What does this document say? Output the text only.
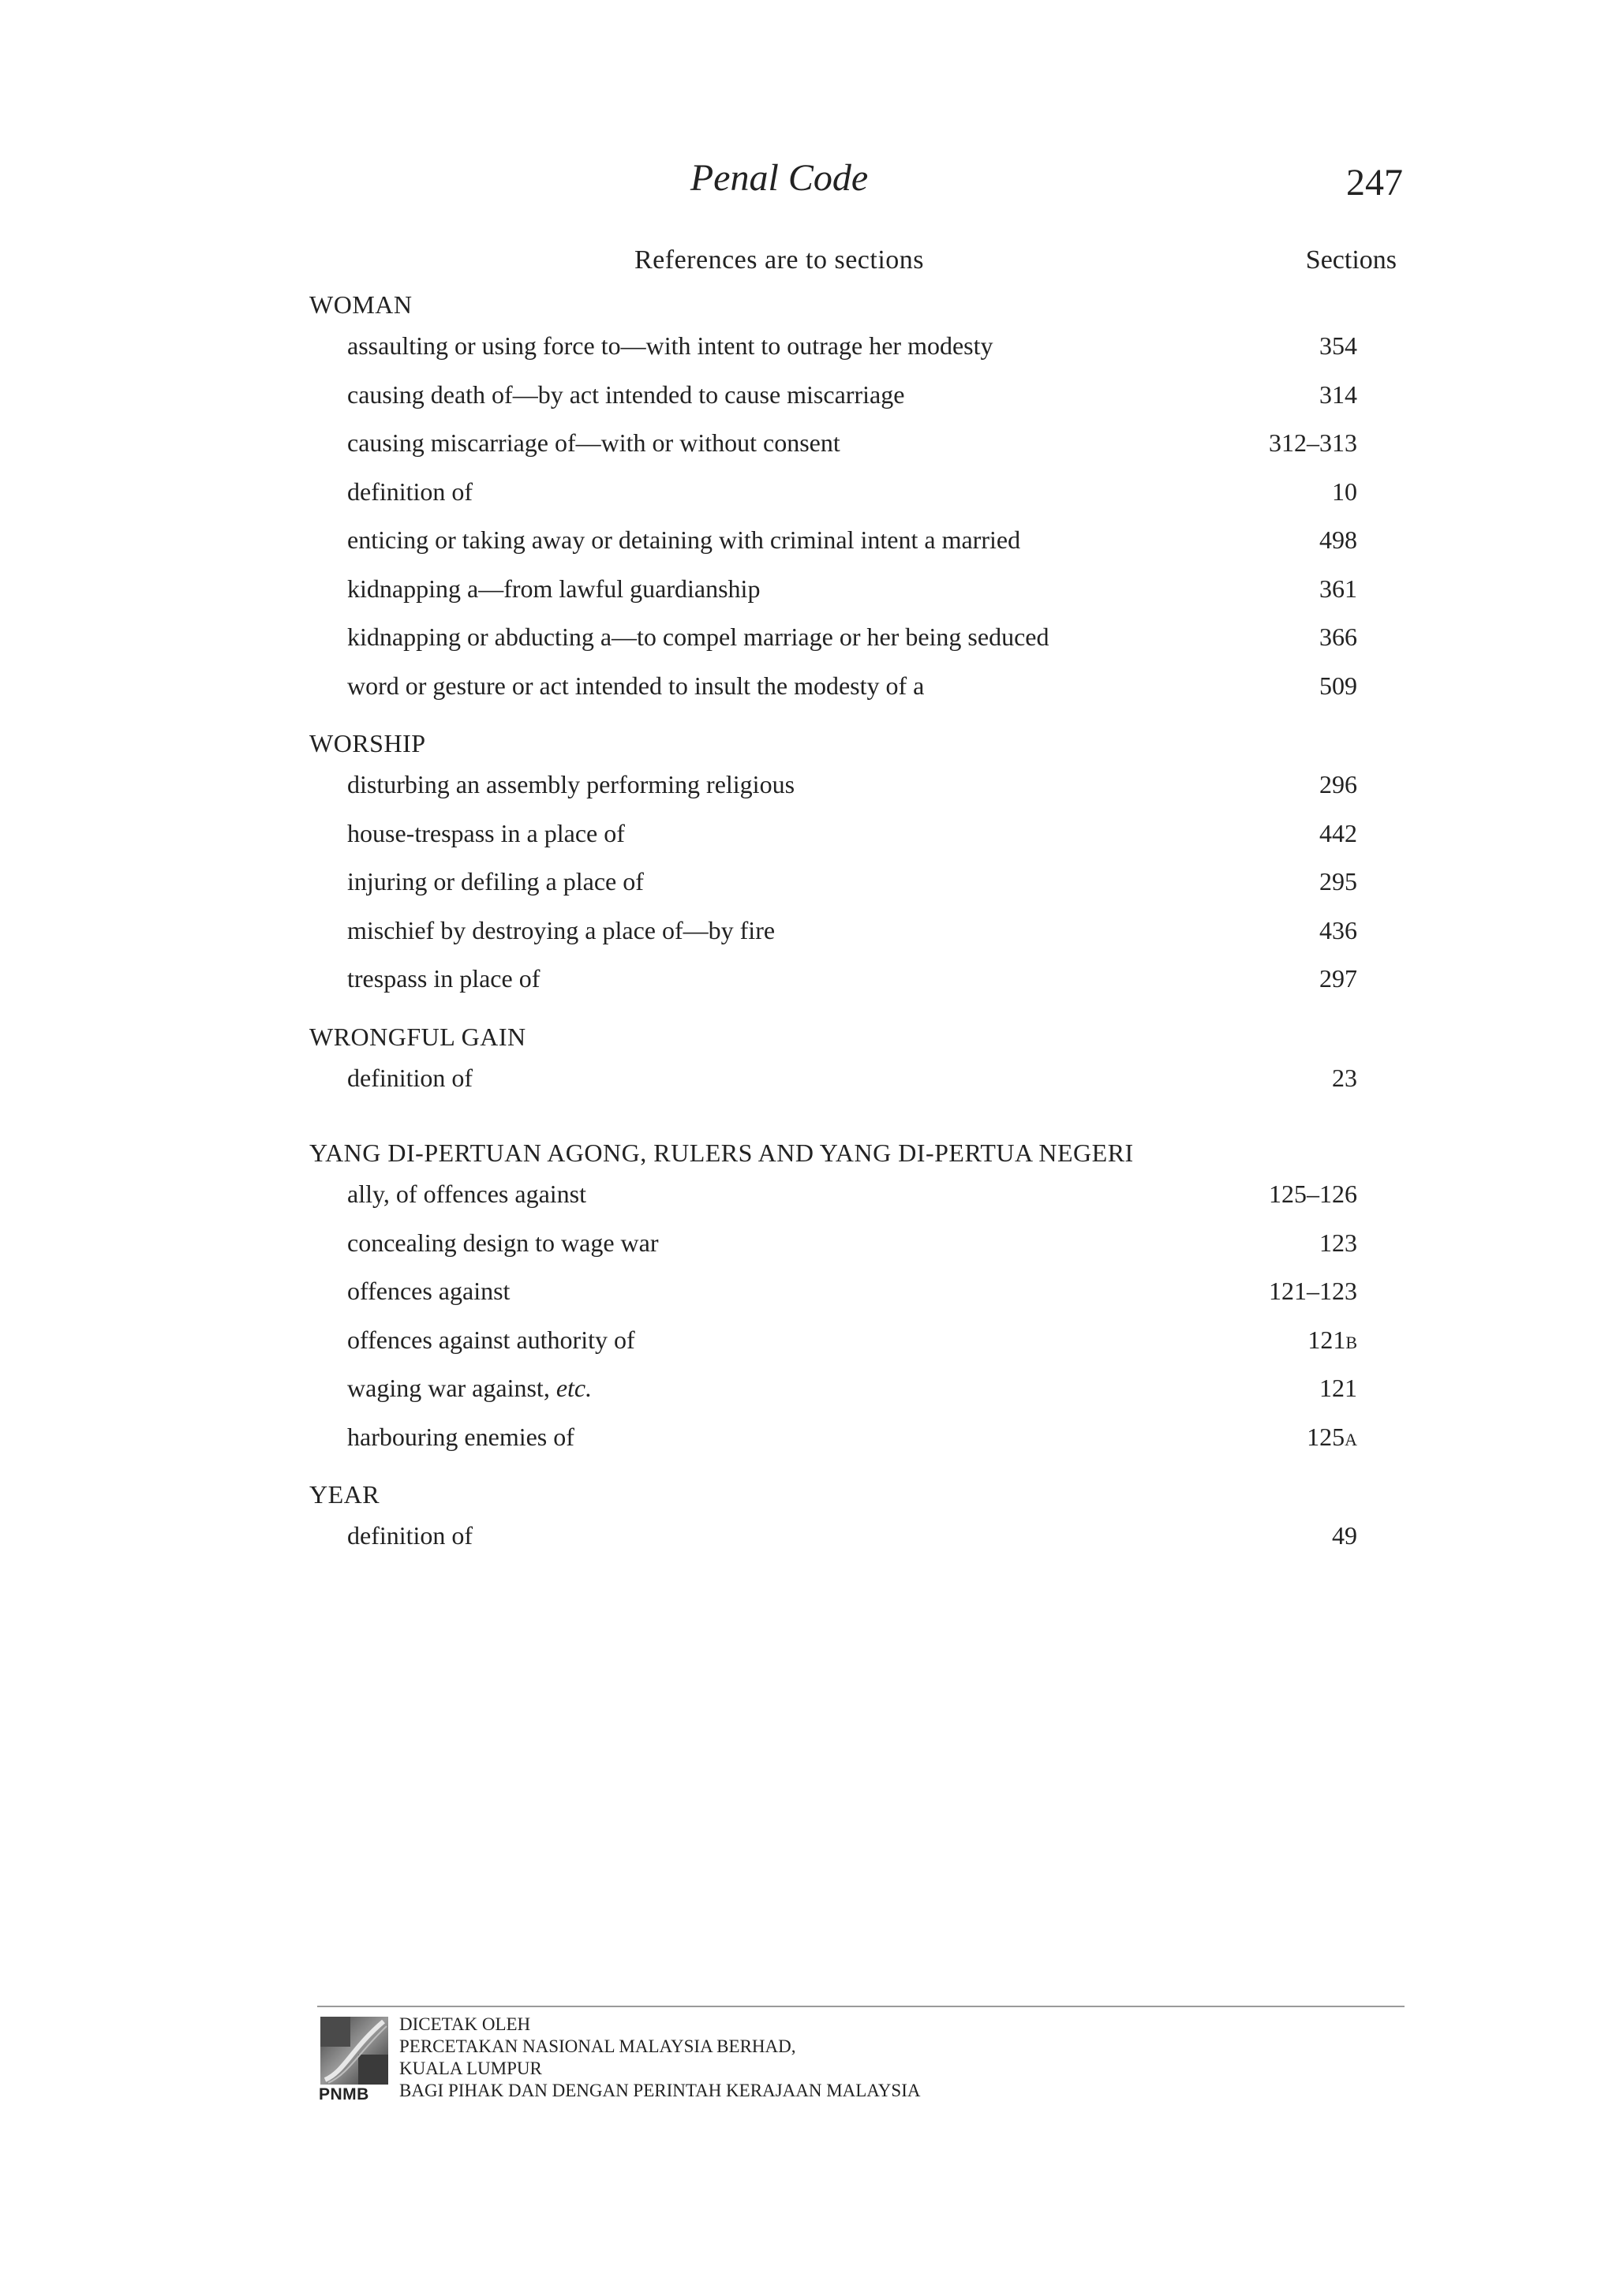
Penal Code	247
References are to sections	Sections
WOMAN
assaulting or using force to—with intent to outrage her modesty	354
causing death of—by act intended to cause miscarriage	314
causing miscarriage of—with or without consent	312–313
definition of	10
enticing or taking away or detaining with criminal intent a married	498
kidnapping a—from lawful guardianship	361
kidnapping or abducting a—to compel marriage or her being seduced	366
word or gesture or act intended to insult the modesty of a	509
WORSHIP
disturbing an assembly performing religious	296
house-trespass in a place of	442
injuring or defiling a place of	295
mischief by destroying a place of—by fire	436
trespass in place of	297
WRONGFUL GAIN
definition of	23
YANG DI-PERTUAN AGONG, RULERS AND YANG DI-PERTUA NEGERI
ally, of offences against	125–126
concealing design to wage war	123
offences against	121–123
offences against authority of	121B
waging war against, etc.	121
harbouring enemies of	125A
YEAR
definition of	49
PNMB
DICETAK OLEH
PERCETAKAN NASIONAL MALAYSIA BERHAD,
KUALA LUMPUR
BAGI PIHAK DAN DENGAN PERINTAH KERAJAAN MALAYSIA
